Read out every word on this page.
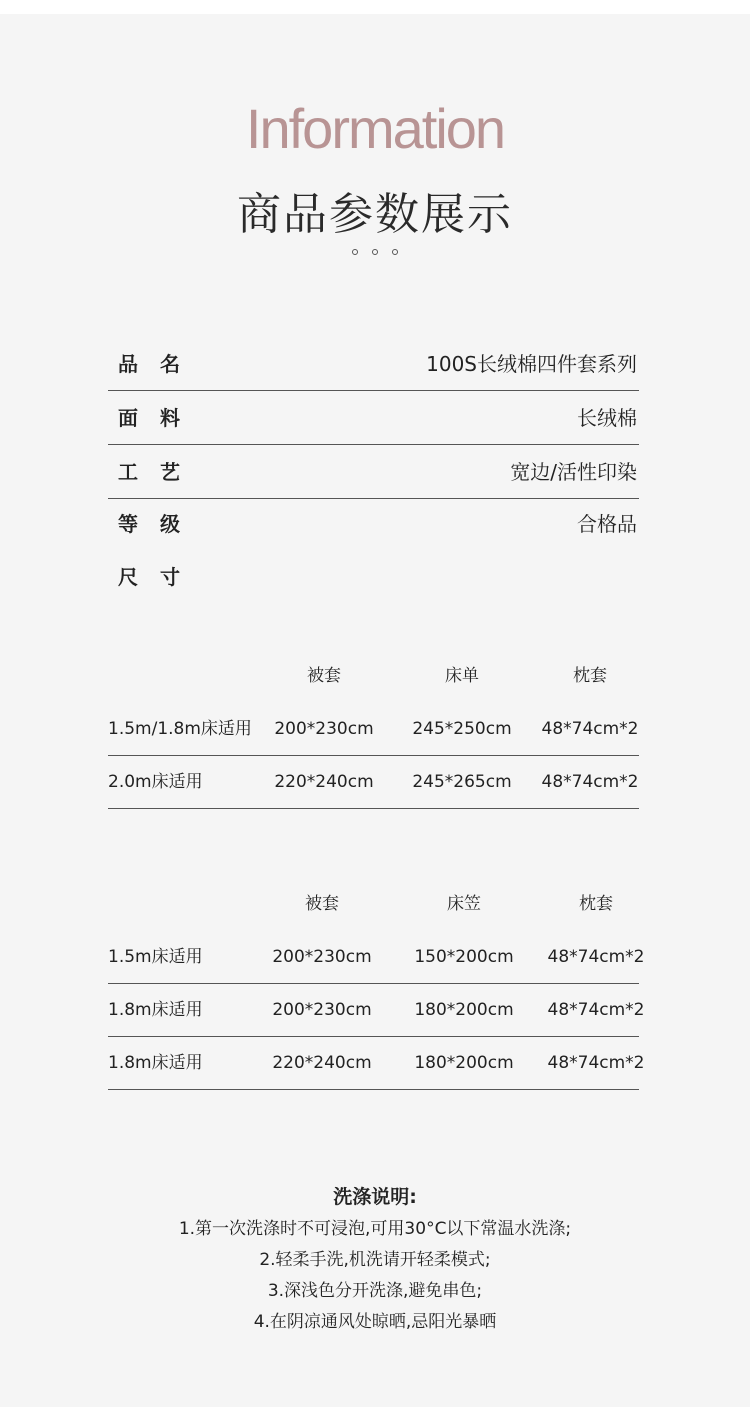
Information
商品参数展示
品名	100S长绒棉四件套系列
面料	长绒棉
工艺	宽边/活性印染
等级	合格品
尺寸
被套	床单	枕套
1.5m/1.8m床适用 200*230cm 245*250cm 48*74cm*2
2.0m床适用	220*240cm 245*265cm 48*74cm*2
被套	床笠	枕套
1.5m床适用	200*230cm	150*200cm 48*74cm*2
1.8m床适用	200*230cm	180*200cm 48*74cm*2
1.8m床适用	220*240cm	180*200cm 48*74cm*2
洗涤说明:
1.第一次洗涤时不可浸泡,可用30°C以下常温水洗涤;
2.轻柔手洗,机洗请开轻柔模式;
3.深浅色分开洗涤,避免串色;
4.在阴凉通风处晾晒,忌阳光暴晒
